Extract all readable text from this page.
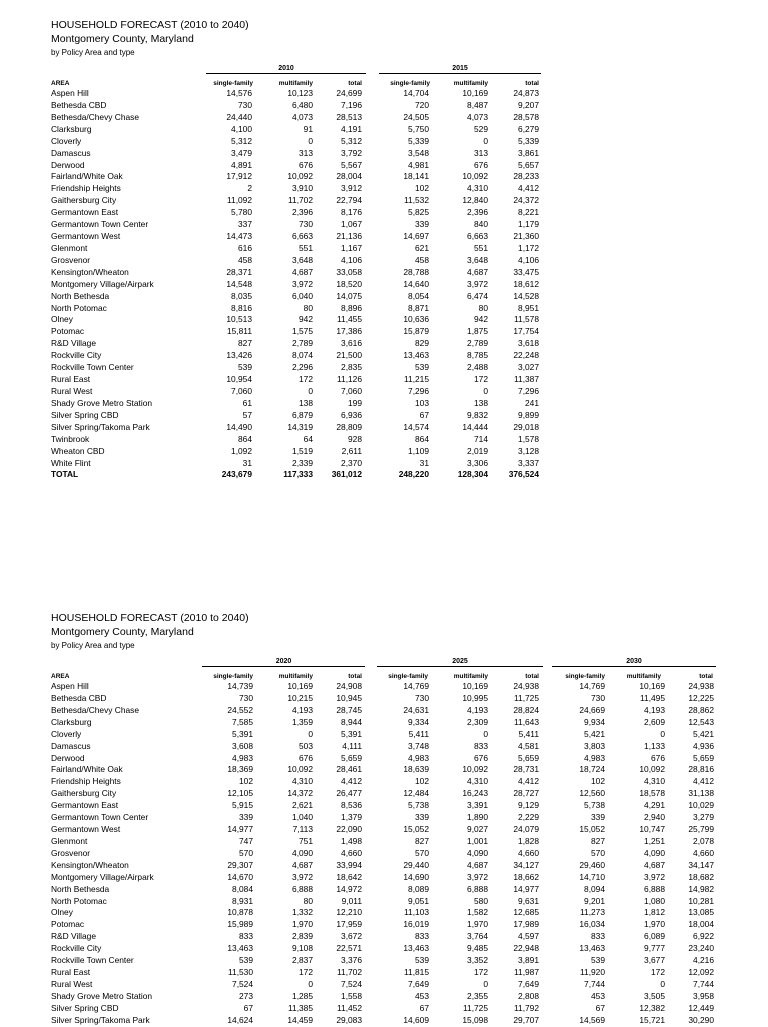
HOUSEHOLD FORECAST (2010 to 2040)
Montgomery County, Maryland
by Policy Area and type
2010	2015
AREA	single-family	multifamily	total	single-family	multifamily	total
Aspen Hill	14,576	10,123	24,699	14,704	10,169	24,873
Bethesda CBD	730	6,480	7,196	720	8,487	9,207
Bethesda/Chevy Chase	24,440	4,073	28,513	24,505	4,073	28,578
Clarksburg	4,100	91	4,191	5,750	529	6,279
Cloverly	5,312	0	5,312	5,339	0	5,339
Damascus	3,479	313	3,792	3,548	313	3,861
Derwood	4,891	676	5,567	4,981	676	5,657
Fairland/White Oak	17,912	10,092	28,004	18,141	10,092	28,233
Friendship Heights	2	3,910	3,912	102	4,310	4,412
Gaithersburg City	11,092	11,702	22,794	11,532	12,840	24,372
Germantown East	5,780	2,396	8,176	5,825	2,396	8,221
Germantown Town Center	337	730	1,067	339	840	1,179
Germantown West	14,473	6,663	21,136	14,697	6,663	21,360
Glenmont	616	551	1,167	621	551	1,172
Grosvenor	458	3,648	4,106	458	3,648	4,106
Kensington/Wheaton	28,371	4,687	33,058	28,788	4,687	33,475
Montgomery Village/Airpark	14,548	3,972	18,520	14,640	3,972	18,612
North Bethesda	8,035	6,040	14,075	8,054	6,474	14,528
North Potomac	8,816	80	8,896	8,871	80	8,951
Olney	10,513	942	11,455	10,636	942	11,578
Potomac	15,811	1,575	17,386	15,879	1,875	17,754
R&D Village	827	2,789	3,616	829	2,789	3,618
Rockville City	13,426	8,074	21,500	13,463	8,785	22,248
Rockville Town Center	539	2,296	2,835	539	2,488	3,027
Rural East	10,954	172	11,126	11,215	172	11,387
Rural West	7,060	0	7,060	7,296	0	7,296
Shady Grove Metro Station	61	138	199	103	138	241
Silver Spring CBD	57	6,879	6,936	67	9,832	9,899
Silver Spring/Takoma Park	14,490	14,319	28,809	14,574	14,444	29,018
Twinbrook	864	64	928	864	714	1,578
Wheaton CBD	1,092	1,519	2,611	1,109	2,019	3,128
White Flint	31	2,339	2,370	31	3,306	3,337
TOTAL	243,679	117,333	361,012	248,220	128,304	376,524
HOUSEHOLD FORECAST (2010 to 2040)
Montgomery County, Maryland
by Policy Area and type
2020	2025	2030
AREA	single-family	multifamily	total	single-family	multifamily	total	single-family	multifamily	total
Aspen Hill	14,739	10,169	24,908	14,769	10,169	24,938	14,769	10,169	24,938
Bethesda CBD	730	10,215	10,945	730	10,995	11,725	730	11,495	12,225
Bethesda/Chevy Chase	24,552	4,193	28,745	24,631	4,193	28,824	24,669	4,193	28,862
Clarksburg	7,585	1,359	8,944	9,334	2,309	11,643	9,934	2,609	12,543
Cloverly	5,391	0	5,391	5,411	0	5,411	5,421	0	5,421
Damascus	3,608	503	4,111	3,748	833	4,581	3,803	1,133	4,936
Derwood	4,983	676	5,659	4,983	676	5,659	4,983	676	5,659
Fairland/White Oak	18,369	10,092	28,461	18,639	10,092	28,731	18,724	10,092	28,816
Friendship Heights	102	4,310	4,412	102	4,310	4,412	102	4,310	4,412
Gaithersburg City	12,105	14,372	26,477	12,484	16,243	28,727	12,560	18,578	31,138
Germantown East	5,915	2,621	8,536	5,738	3,391	9,129	5,738	4,291	10,029
Germantown Town Center	339	1,040	1,379	339	1,890	2,229	339	2,940	3,279
Germantown West	14,977	7,113	22,090	15,052	9,027	24,079	15,052	10,747	25,799
Glenmont	747	751	1,498	827	1,001	1,828	827	1,251	2,078
Grosvenor	570	4,090	4,660	570	4,090	4,660	570	4,090	4,660
Kensington/Wheaton	29,307	4,687	33,994	29,440	4,687	34,127	29,460	4,687	34,147
Montgomery Village/Airpark	14,670	3,972	18,642	14,690	3,972	18,662	14,710	3,972	18,682
North Bethesda	8,084	6,888	14,972	8,089	6,888	14,977	8,094	6,888	14,982
North Potomac	8,931	80	9,011	9,051	580	9,631	9,201	1,080	10,281
Olney	10,878	1,332	12,210	11,103	1,582	12,685	11,273	1,812	13,085
Potomac	15,989	1,970	17,959	16,019	1,970	17,989	16,034	1,970	18,004
R&D Village	833	2,839	3,672	833	3,764	4,597	833	6,089	6,922
Rockville City	13,463	9,108	22,571	13,463	9,485	22,948	13,463	9,777	23,240
Rockville Town Center	539	2,837	3,376	539	3,352	3,891	539	3,677	4,216
Rural East	11,530	172	11,702	11,815	172	11,987	11,920	172	12,092
Rural West	7,524	0	7,524	7,649	0	7,649	7,744	0	7,744
Shady Grove Metro Station	273	1,285	1,558	453	2,355	2,808	453	3,505	3,958
Silver Spring CBD	67	11,385	11,452	67	11,725	11,792	67	12,382	12,449
Silver Spring/Takoma Park	14,624	14,459	29,083	14,609	15,098	29,707	14,569	15,721	30,290
